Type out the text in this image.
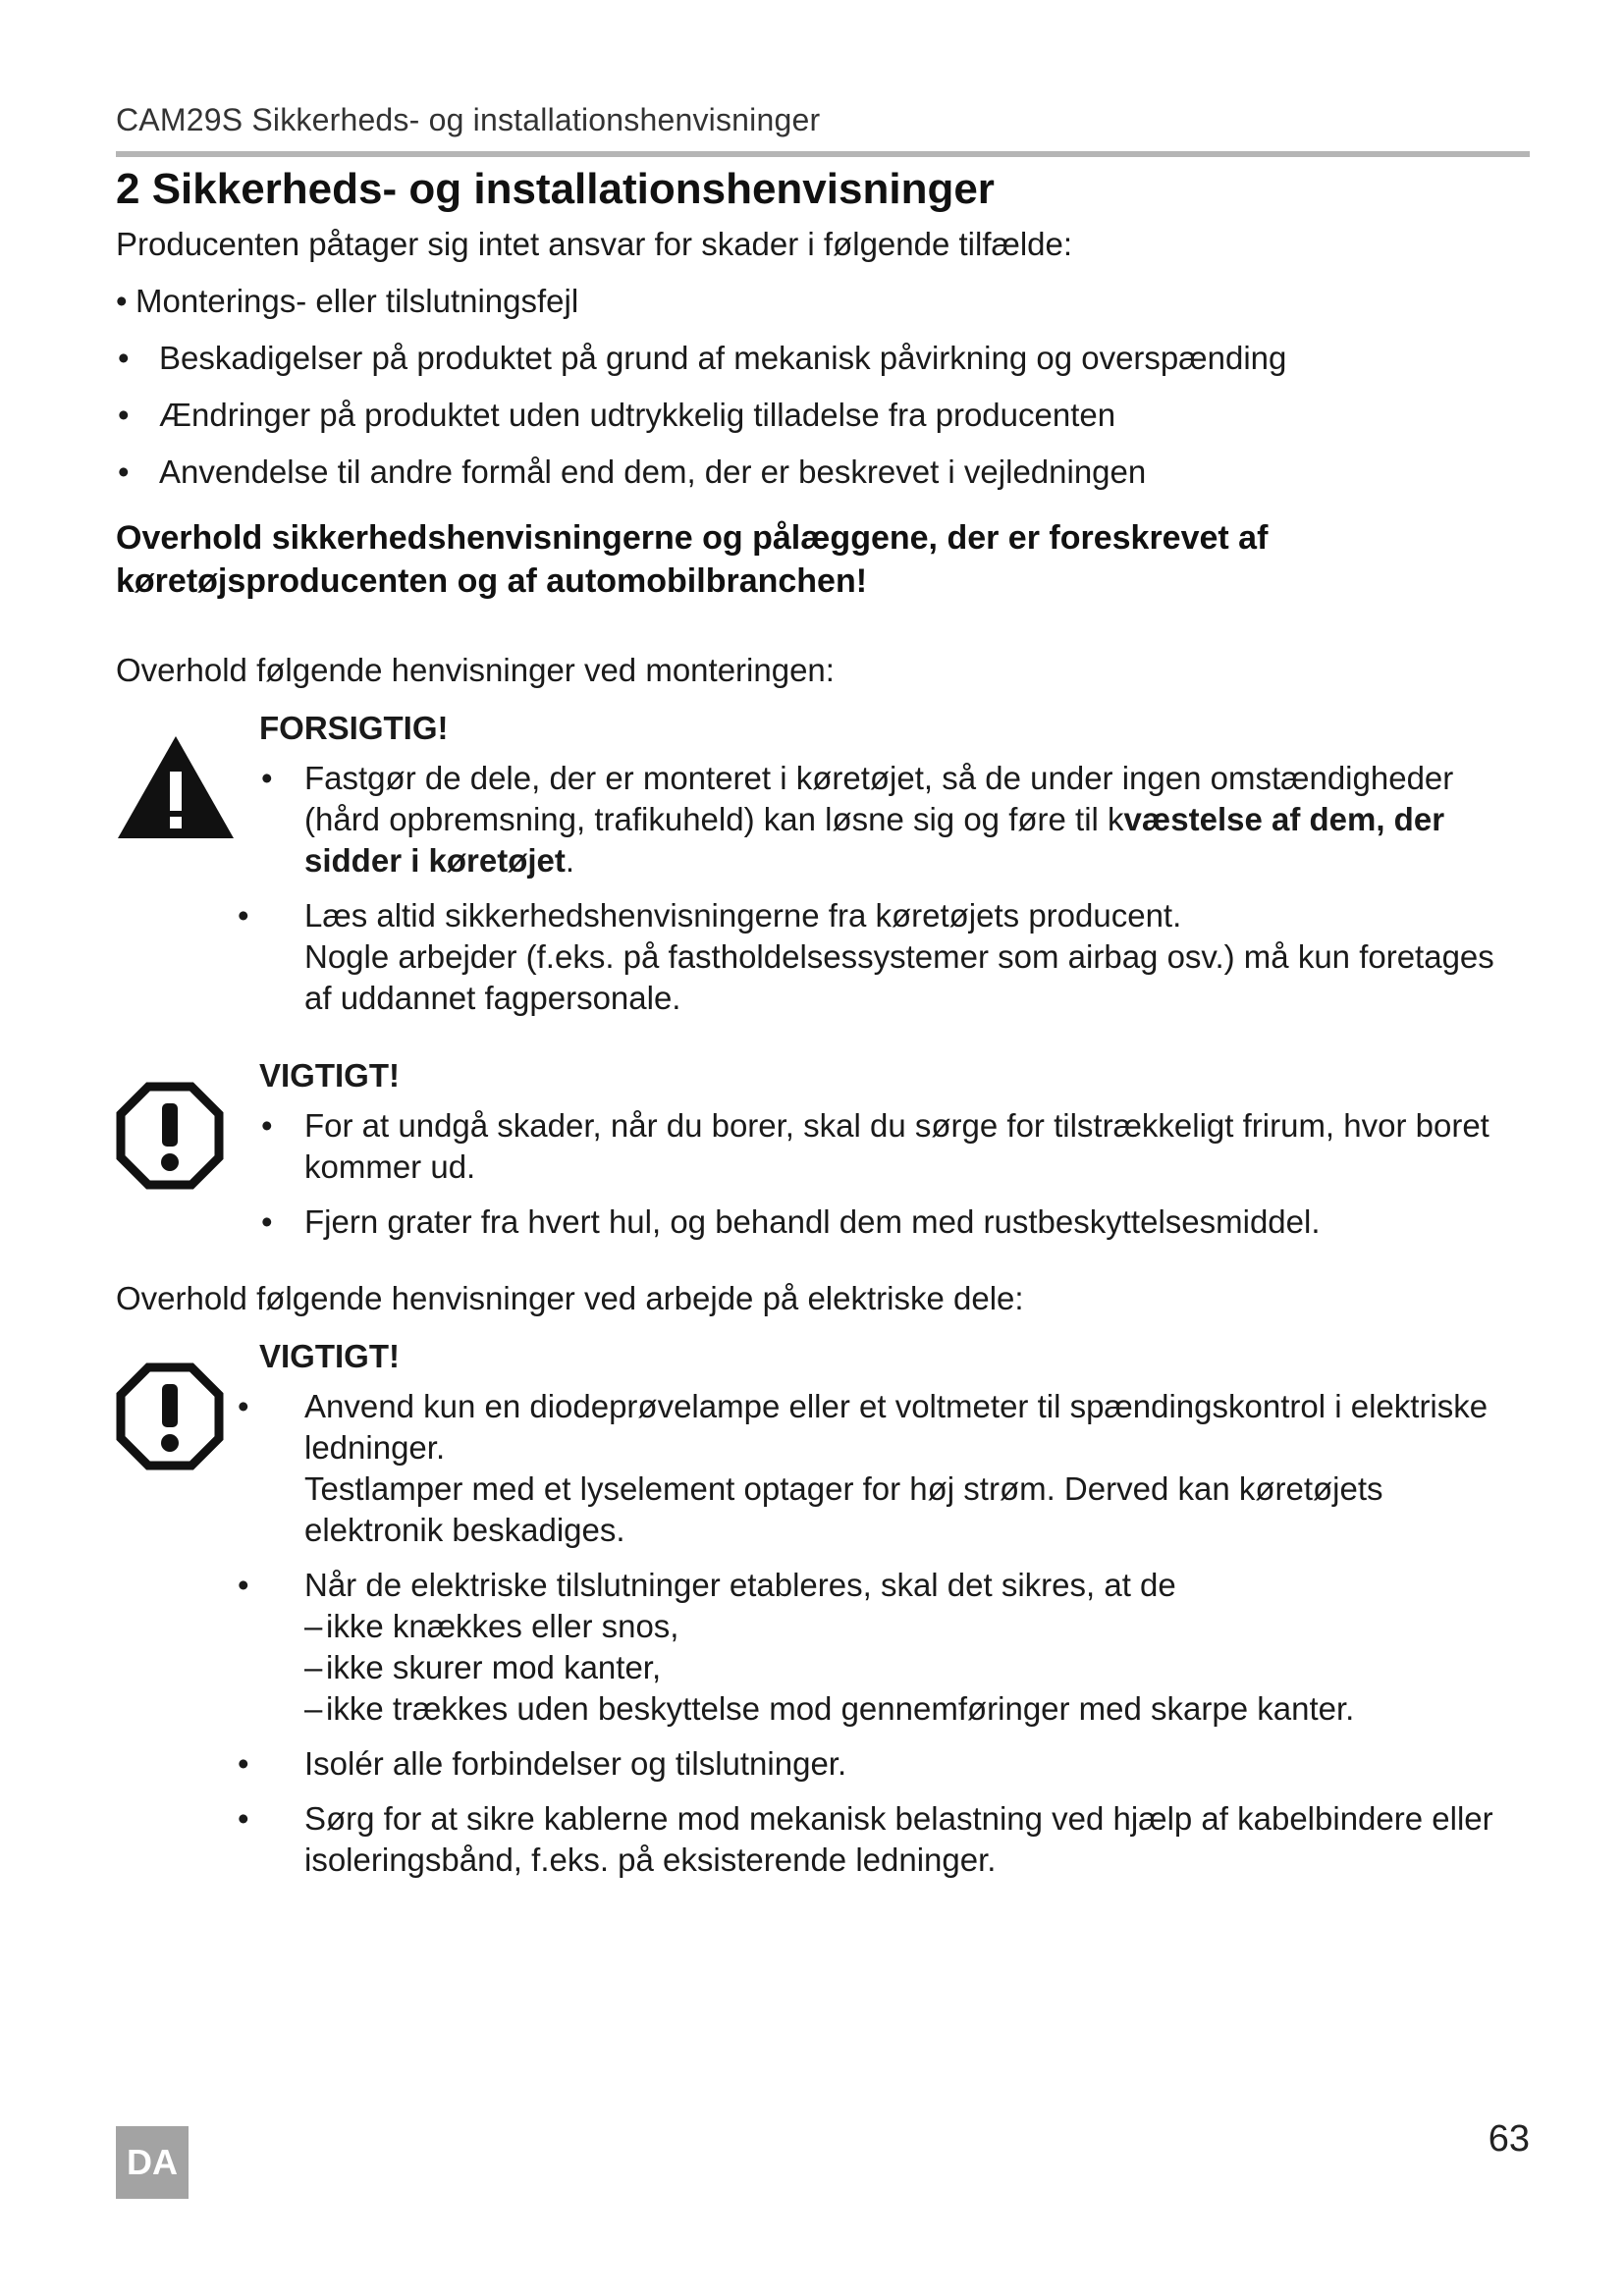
CAM29S Sikkerheds- og installationshenvisninger
2 Sikkerheds- og installationshenvisninger

Producenten påtager sig intet ansvar for skader i følgende tilfælde:

• Monterings- eller tilslutningsfejl
• Beskadigelser på produktet på grund af mekanisk påvirkning og overspænding
• Ændringer på produktet uden udtrykkelig tilladelse fra producenten
• Anvendelse til andre formål end dem, der er beskrevet i vejledningen

Overhold sikkerhedshenvisningerne og pålæggene, der er foreskrevet af køretøjsproducenten og af automobilbranchen!

Overhold følgende henvisninger ved monteringen:

FORSIGTIG!
• Fastgør de dele, der er monteret i køretøjet, så de under ingen omstændigheder (hård opbremsning, trafikuheld) kan løsne sig og føre til kvæstelse af dem, der sidder i køretøjet.
• Læs altid sikkerhedshenvisningerne fra køretøjets producent.
Nogle arbejder (f.eks. på fastholdelsessystemer som airbag osv.) må kun foretages af uddannet fagpersonale.
VIGTIGT!
• For at undgå skader, når du borer, skal du sørge for tilstrækkeligt frirum, hvor boret kommer ud.
• Fjern grater fra hvert hul, og behandl dem med rustbeskyttelsesmiddel.

Overhold følgende henvisninger ved arbejde på elektriske dele:

VIGTIGT!
• Anvend kun en diodeprøvelampe eller et voltmeter til spændingskontrol i elektriske ledninger.
Testlamper med et lyselement optager for høj strøm. Derved kan køretøjets elektronik beskadiges.
• Når de elektriske tilslutninger etableres, skal det sikres, at de
– ikke knækkes eller snos,
– ikke skurer mod kanter,
– ikke trækkes uden beskyttelse mod gennemføringer med skarpe kanter.
• Isolér alle forbindelser og tilslutninger.
• Sørg for at sikre kablerne mod mekanisk belastning ved hjælp af kabelbindere eller isoleringsbånd, f.eks. på eksisterende ledninger.
DA
63
